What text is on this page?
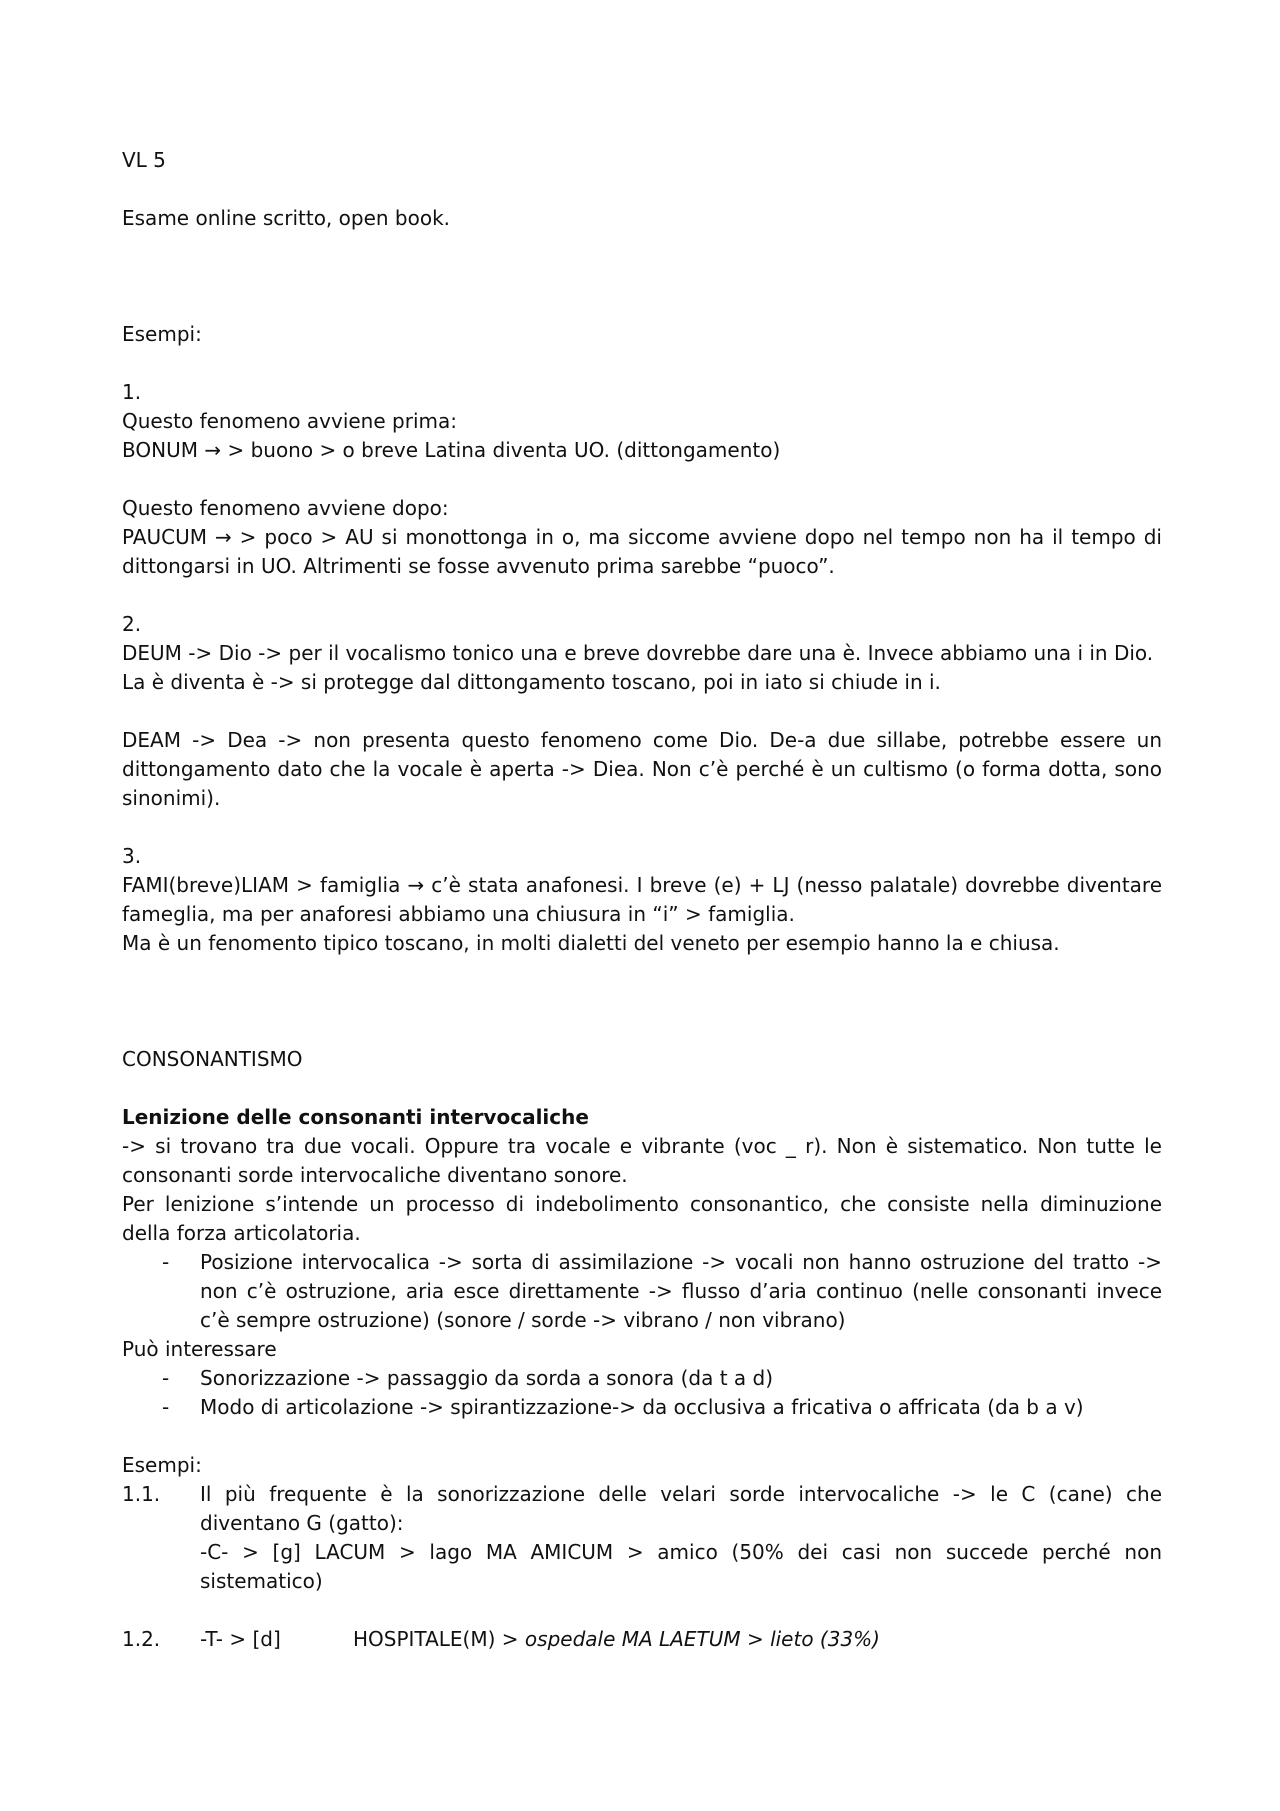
VL 5
Esame online scritto, open book.
Esempi:
1.
Questo fenomeno avviene prima:
BONUM → > buono > o breve Latina diventa UO. (dittongamento)
Questo fenomeno avviene dopo:
PAUCUM → > poco > AU si monottonga in o, ma siccome avviene dopo nel tempo non ha il tempo di dittongarsi in UO. Altrimenti se fosse avvenuto prima sarebbe “puoco”.
2.
DEUM -> Dio -> per il vocalismo tonico una e breve dovrebbe dare una è. Invece abbiamo una i in Dio.
La è diventa è -> si protegge dal dittongamento toscano, poi in iato si chiude in i.
DEAM -> Dea -> non presenta questo fenomeno come Dio. De-a due sillabe, potrebbe essere un dittongamento dato che la vocale è aperta -> Diea. Non c’è perché è un cultismo (o forma dotta, sono sinonimi).
3.
FAMI(breve)LIAM > famiglia → c’è stata anafonesi. I breve (e) + LJ (nesso palatale) dovrebbe diventare fameglia, ma per anaforesi abbiamo una chiusura in “i” > famiglia.
Ma è un fenomento tipico toscano, in molti dialetti del veneto per esempio hanno la e chiusa.
CONSONANTISMO
Lenizione delle consonanti intervocaliche
-> si trovano tra due vocali. Oppure tra vocale e vibrante (voc _ r). Non è sistematico. Non tutte le consonanti sorde intervocaliche diventano sonore.
Per lenizione s’intende un processo di indebolimento consonantico, che consiste nella diminuzione della forza articolatoria.
- Posizione intervocalica -> sorta di assimilazione -> vocali non hanno ostruzione del tratto -> non c’è ostruzione, aria esce direttamente -> flusso d’aria continuo (nelle consonanti invece c’è sempre ostruzione) (sonore / sorde -> vibrano / non vibrano)
Può interessare
- Sonorizzazione -> passaggio da sorda a sonora (da t a d)
- Modo di articolazione -> spirantizzazione-> da occlusiva a fricativa o affricata (da b a v)
Esempi:
1.1. Il più frequente è la sonorizzazione delle velari sorde intervocaliche -> le C (cane) che diventano G (gatto):
-C- > [g] LACUM > lago MA AMICUM > amico (50% dei casi non succede perché non sistematico)
1.2. -T- > [d]	HOSPITALE(M) > ospedale MA LAETUM > lieto (33%)
